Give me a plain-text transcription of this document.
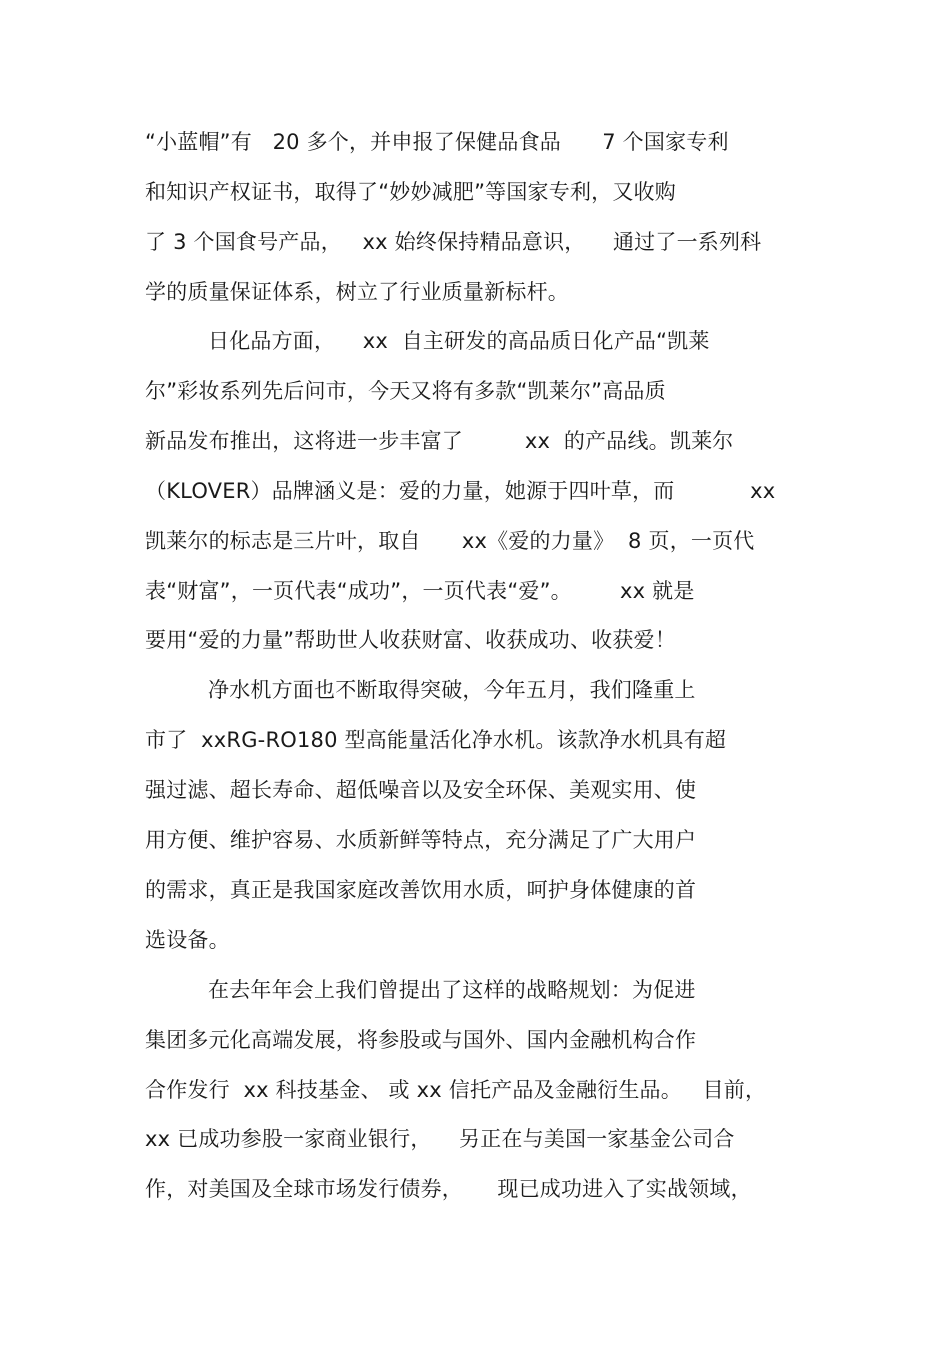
“小蓝帽”有   20 多个，并申报了保健品食品      7 个国家专利
和知识产权证书，取得了“妙妙减肥”等国家专利，又收购
了 3 个国食号产品，   xx 始终保持精品意识，    通过了一系列科
学的质量保证体系，树立了行业质量新标杆。
日化品方面，    xx  自主研发的高品质日化产品“凯莱
尔”彩妆系列先后问市，今天又将有多款“凯莱尔”高品质
新品发布推出，这将进一步丰富了         xx  的产品线。凯莱尔
（KLOVER）品牌涵义是：爱的力量，她源于四叶草，而           xx
凯莱尔的标志是三片叶，取自      xx《爱的力量》  8 页，一页代
表“财富”，一页代表“成功”，一页代表“爱”。       xx 就是
要用“爱的力量”帮助世人收获财富、收获成功、收获爱！
净水机方面也不断取得突破，今年五月，我们隆重上
市了  xxRG-RO180 型高能量活化净水机。该款净水机具有超
强过滤、超长寿命、超低噪音以及安全环保、美观实用、使
用方便、维护容易、水质新鲜等特点，充分满足了广大用户
的需求，真正是我国家庭改善饮用水质，呵护身体健康的首
选设备。
在去年年会上我们曾提出了这样的战略规划：为促进
集团多元化高端发展，将参股或与国外、国内金融机构合作
合作发行  xx 科技基金、 或 xx 信托产品及金融衍生品。   目前，
xx 已成功参股一家商业银行，    另正在与美国一家基金公司合
作，对美国及全球市场发行债券，     现已成功进入了实战领域，
